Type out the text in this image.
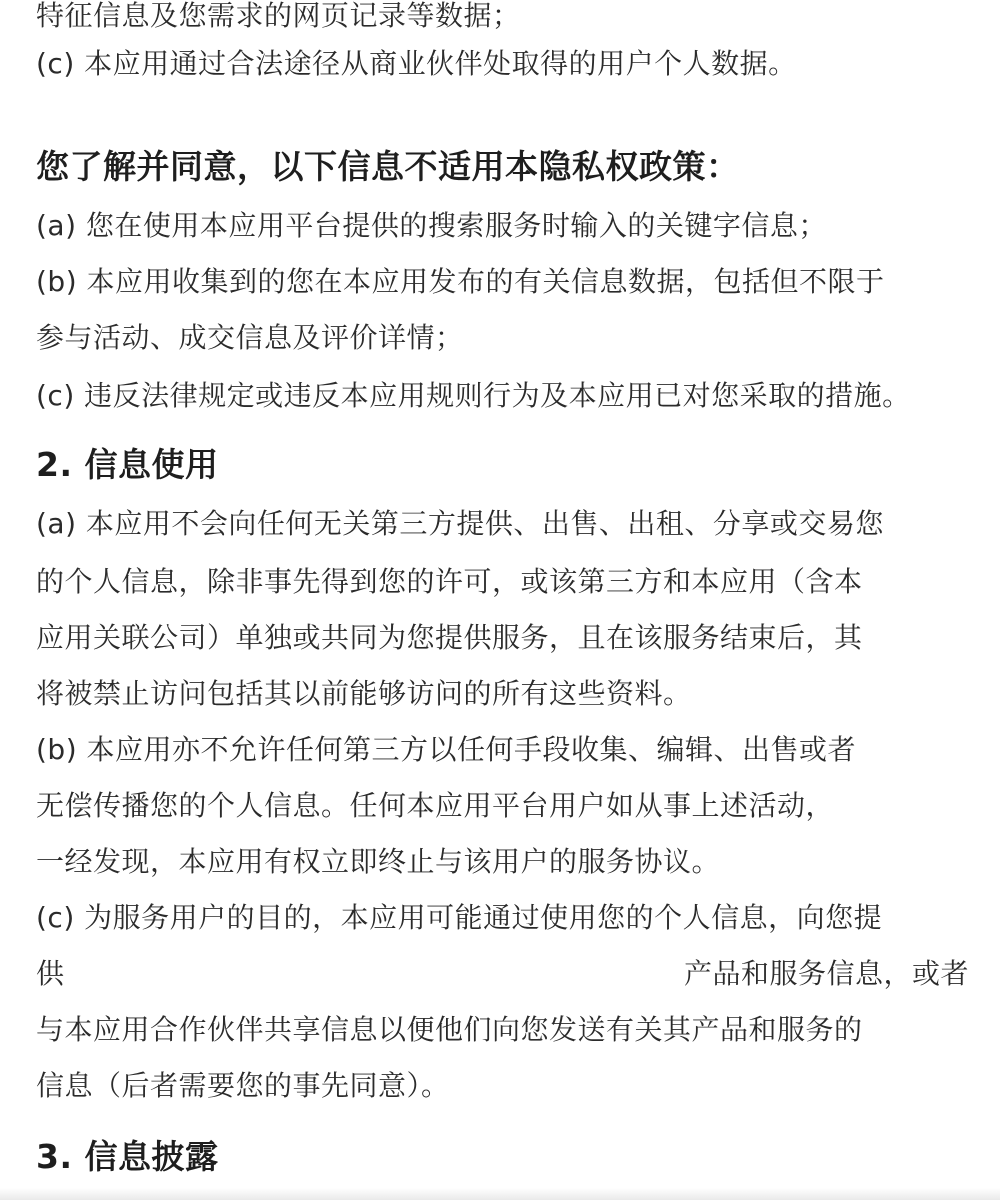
特征信息及您需求的网页记录等数据；
(c) 本应用通过合法途径从商业伙伴处取得的用户个人数据。
您了解并同意，以下信息不适用本隐私权政策：
(a) 您在使用本应用平台提供的搜索服务时输入的关键字信息；
(b) 本应用收集到的您在本应用发布的有关信息数据，包括但不限于
参与活动、成交信息及评价详情；
(c) 违反法律规定或违反本应用规则行为及本应用已对您采取的措施。
2. 信息使用
(a) 本应用不会向任何无关第三方提供、出售、出租、分享或交易您
的个人信息，除非事先得到您的许可，或该第三方和本应用（含本
应用关联公司）单独或共同为您提供服务，且在该服务结束后，其
将被禁止访问包括其以前能够访问的所有这些资料。
(b) 本应用亦不允许任何第三方以任何手段收集、编辑、出售或者
无偿传播您的个人信息。任何本应用平台用户如从事上述活动，
一经发现，本应用有权立即终止与该用户的服务协议。
(c) 为服务用户的目的，本应用可能通过使用您的个人信息，向您提
供	产品和服务信息，或者
与本应用合作伙伴共享信息以便他们向您发送有关其产品和服务的
信息（后者需要您的事先同意）。
3. 信息披露
